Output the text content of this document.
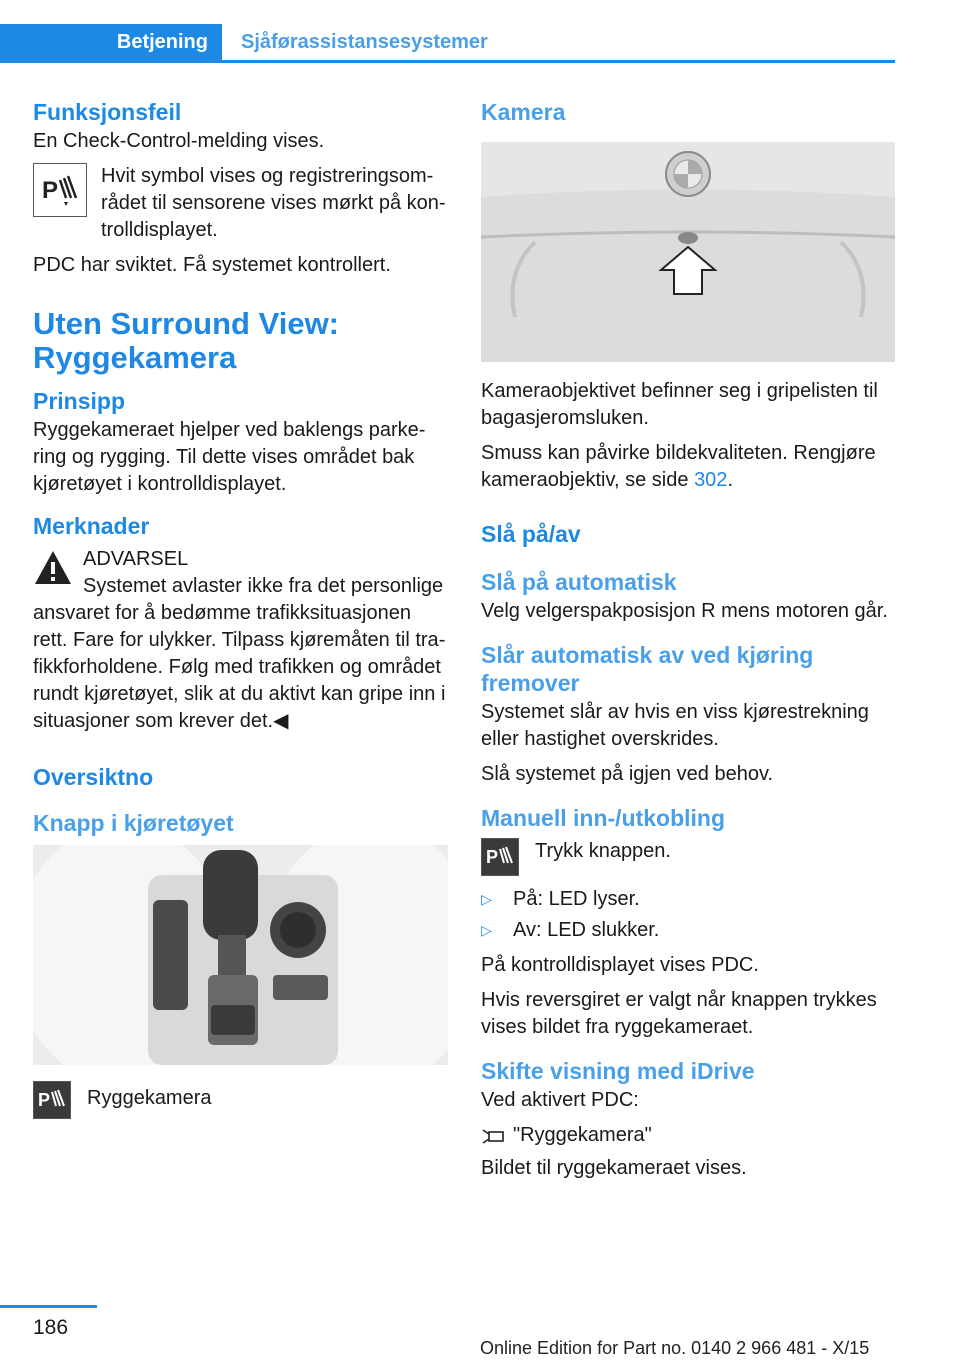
Betjening Sjåførassistansesystemer
Funksjonsfeil

En Check-Control-melding vises.

P

Hvit symbol vises og registreringsområdet til sensorene vises mørkt på kontrolldisplayet.

PDC har sviktet. Få systemet kontrollert.

Uten Surround View: Ryggekamera
Prinsipp

Ryggekameraet hjelper ved baklengs parkering og rygging. Til dette vises området bak kjøretøyet i kontrolldisplayet.

Merknader

ADVARSEL

Systemet avlaster ikke fra det personlige ansvaret for å bedømme trafikksituasjonen rett. Fare for ulykker. Tilpass kjøremåten til trafikkforholdene. Følg med trafikken og området rundt kjøretøyet, slik at du aktivt kan gripe inn i situasjoner som krever det.◀

Oversiktno
Knapp i kjøretøyet
P Ryggekamera

Kamera

Kameraobjektivet befinner seg i gripelisten til bagasjeromsluken.

Smuss kan påvirke bildekvaliteten. Rengjøre kameraobjektiv, se side 302.

Slå på/av
Slå på automatisk

Velg velgerspakposisjon R mens motoren går.

Slår automatisk av ved kjøring fremover

Systemet slår av hvis en viss kjørestrekning eller hastighet overskrides.

Slå systemet på igjen ved behov.

Manuell inn-/utkobling
P Trykk knappen.

▷	På: LED lyser.
▷	Av: LED slukker.

På kontrolldisplayet vises PDC.

Hvis reversgiret er valgt når knappen trykkes vises bildet fra ryggekameraet.

Skifte visning med iDrive

Ved aktivert PDC:

"Ryggekamera"

Bildet til ryggekameraet vises.

186
Online Edition for Part no. 0140 2 966 481 - X/15
